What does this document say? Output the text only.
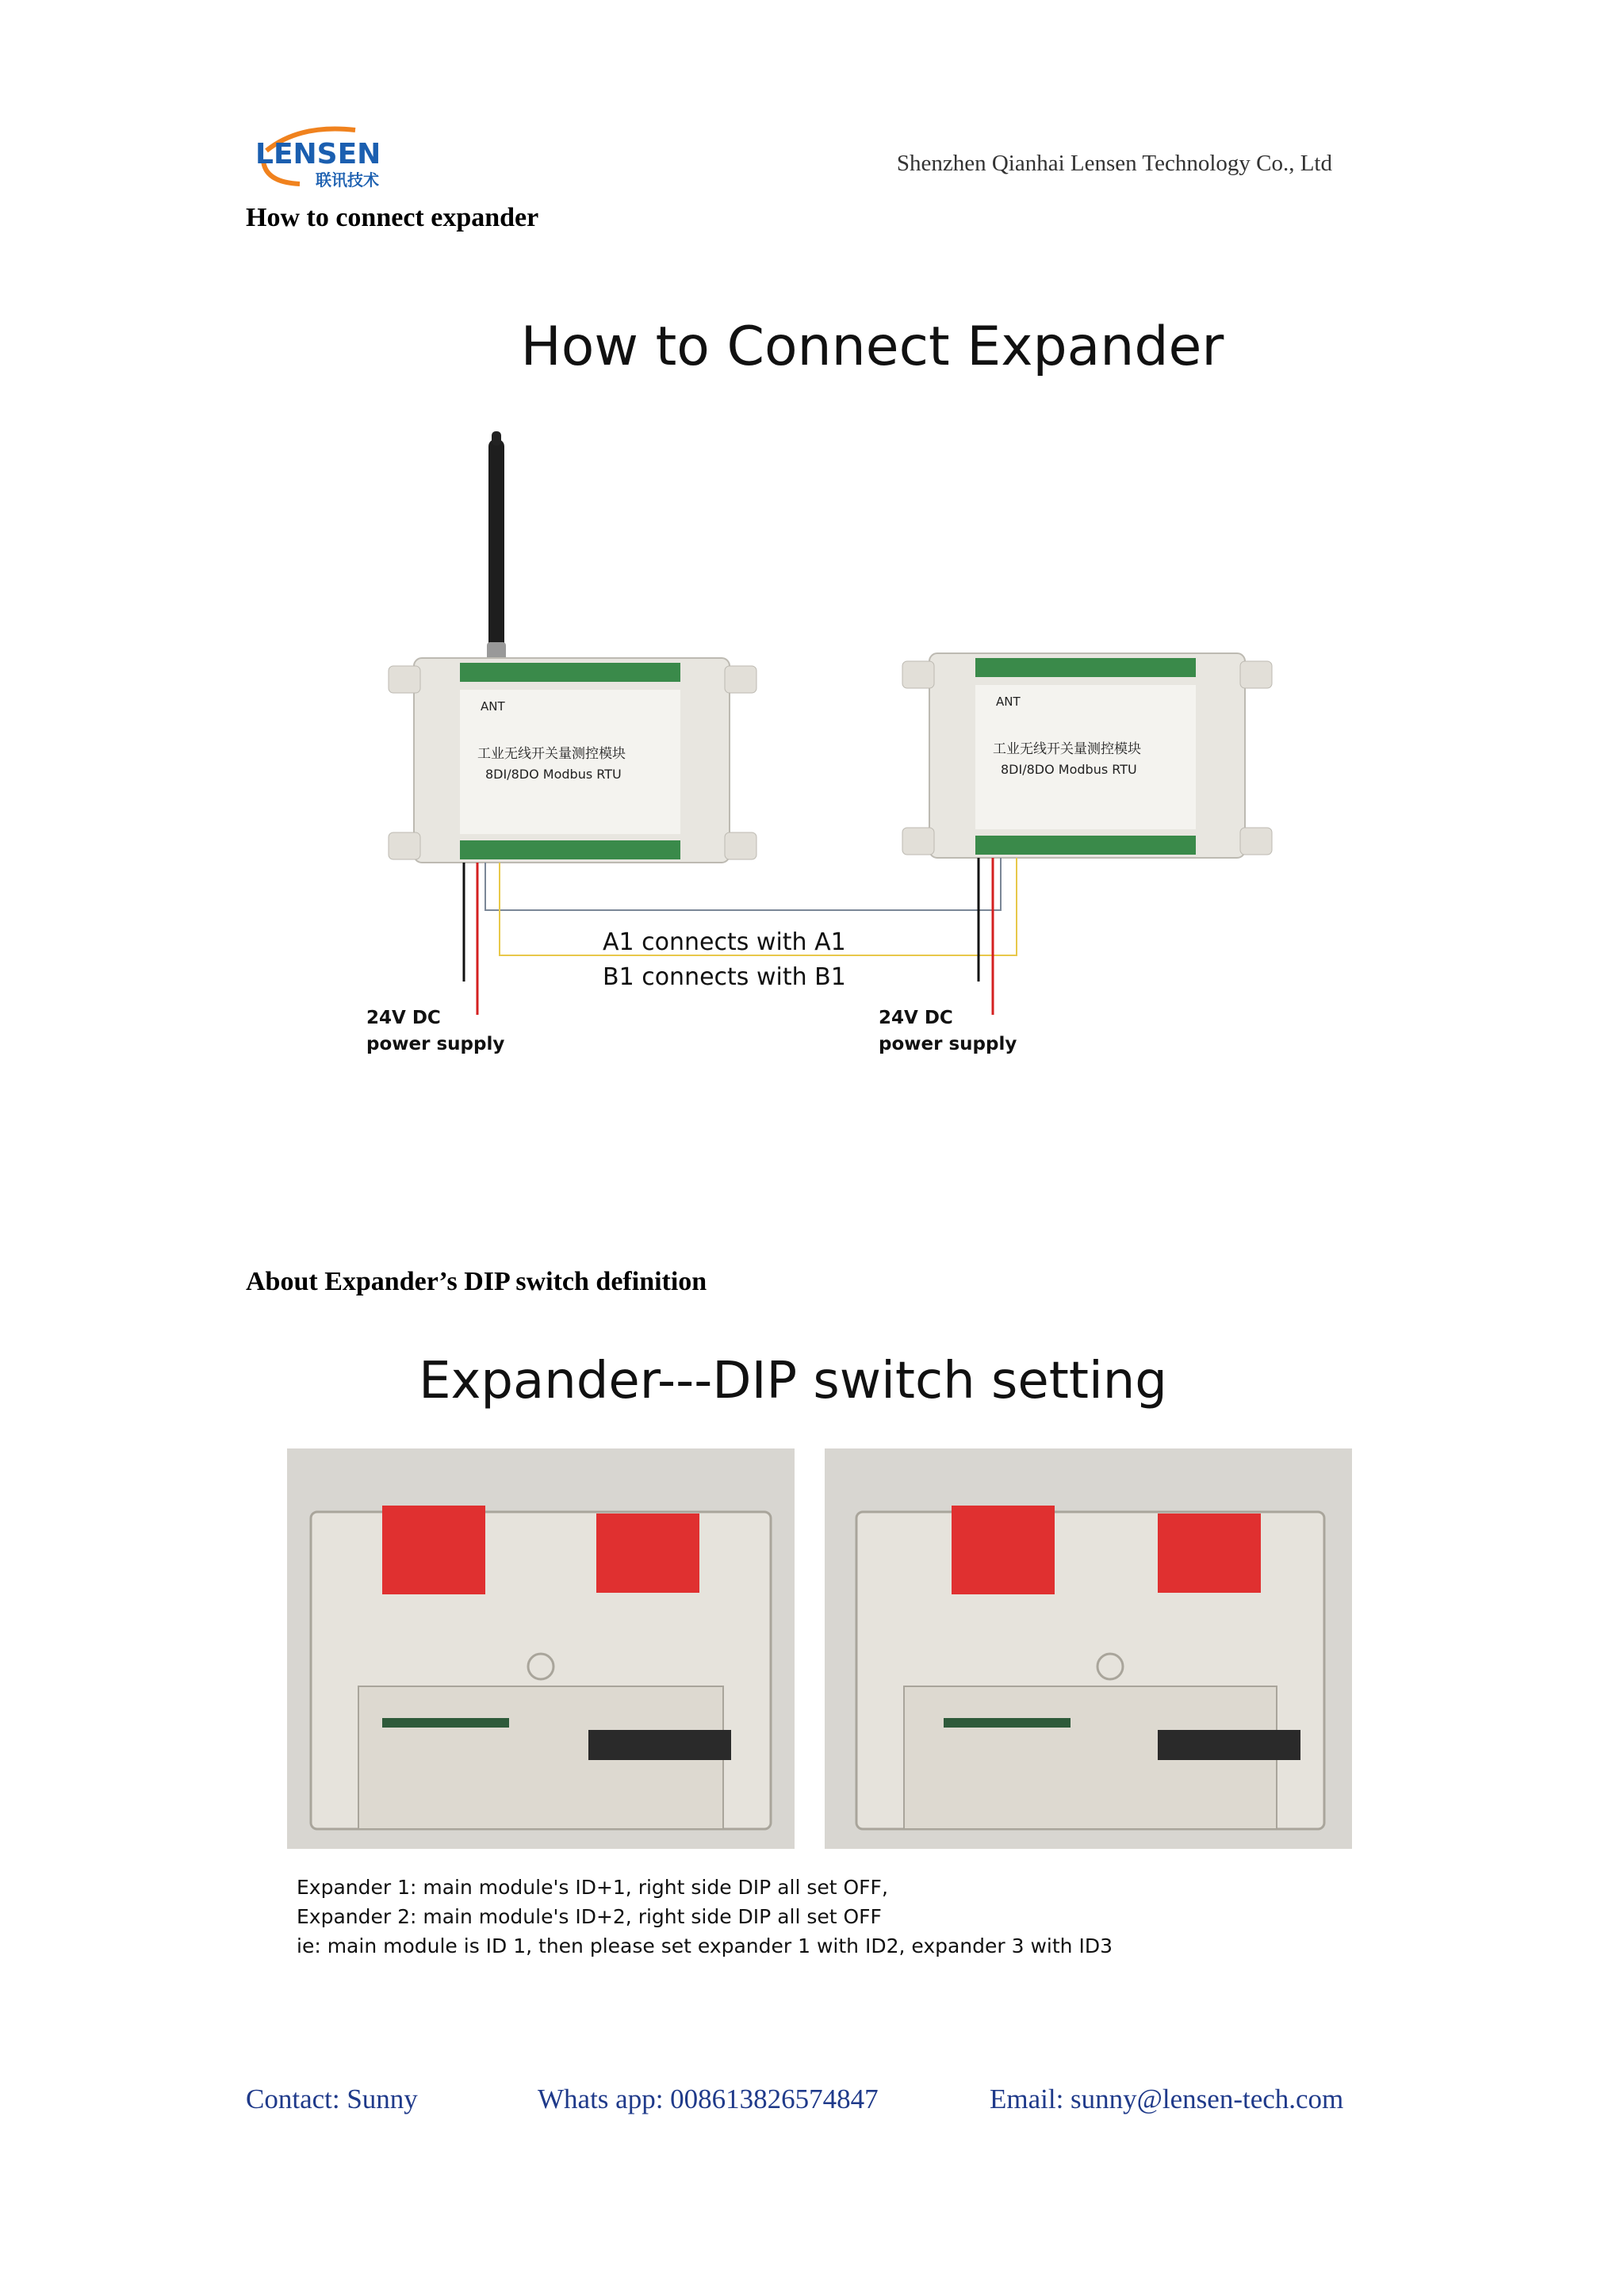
LENSEN
联讯技术
Shenzhen Qianhai Lensen Technology Co., Ltd
How to connect expander
How to Connect Expander
ANT
工业无线开关量测控模块
8DI/8DO Modbus RTU
ANT
工业无线开关量测控模块
8DI/8DO Modbus RTU
A1 connects with A1
B1 connects with B1
24V DC
power supply
24V DC
power supply
About Expander’s DIP switch definition
Expander---DIP switch setting
Expander 1: main module's ID+1, right side DIP all set OFF,
Expander 2: main module's ID+2, right side DIP all set OFF
ie: main module is ID 1, then please set expander 1 with ID2, expander 3 with ID3
Contact: Sunny	Whats app: 008613826574847	Email: sunny@lensen-tech.com
